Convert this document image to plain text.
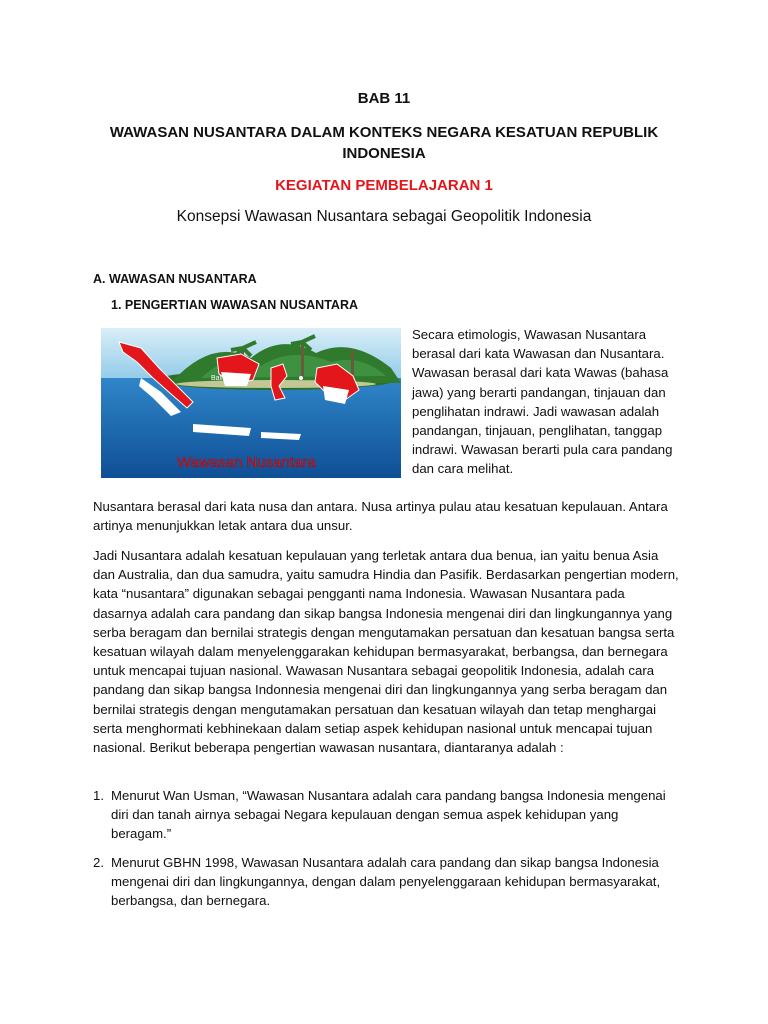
BAB 11
WAWASAN NUSANTARA DALAM KONTEKS NEGARA KESATUAN REPUBLIK INDONESIA
KEGIATAN PEMBELAJARAN 1
Konsepsi Wawasan Nusantara sebagai Geopolitik Indonesia
A. WAWASAN NUSANTARA
1. PENGERTIAN WAWASAN NUSANTARA
Balikpapan
Wawasan Nusantara
Secara etimologis, Wawasan Nusantara berasal dari kata Wawasan dan Nusantara. Wawasan berasal dari kata Wawas (bahasa jawa) yang berarti pandangan, tinjauan dan penglihatan indrawi. Jadi wawasan adalah pandangan, tinjauan, penglihatan, tanggap indrawi. Wawasan berarti pula cara pandang dan cara melihat.

Nusantara berasal dari kata nusa dan antara. Nusa artinya pulau atau kesatuan kepulauan. Antara artinya menunjukkan letak antara dua unsur.

Jadi Nusantara adalah kesatuan kepulauan yang terletak antara dua benua, ian yaitu benua Asia dan Australia, dan dua samudra, yaitu samudra Hindia dan Pasifik. Berdasarkan pengertian modern, kata “nusantara” digunakan sebagai pengganti nama Indonesia. Wawasan Nusantara pada dasarnya adalah cara pandang dan sikap bangsa Indonesia mengenai diri dan lingkungannya yang serba beragam dan bernilai strategis dengan mengutamakan persatuan dan kesatuan bangsa serta kesatuan wilayah dalam menyelenggarakan kehidupan bermasyarakat, berbangsa, dan bernegara untuk mencapai tujuan nasional. Wawasan Nusantara sebagai geopolitik Indonesia, adalah cara pandang dan sikap bangsa Indonnesia mengenai diri dan lingkungannya yang serba beragam dan bernilai strategis dengan mengutamakan persatuan dan kesatuan wilayah dan tetap menghargai serta menghormati kebhinekaan dalam setiap aspek kehidupan nasional untuk mencapai tujuan nasional. Berikut beberapa pengertian wawasan nusantara, diantaranya adalah :

1. Menurut Wan Usman, “Wawasan Nusantara adalah cara pandang bangsa Indonesia mengenai diri dan tanah airnya sebagai Negara kepulauan dengan semua aspek kehidupan yang beragam.”
2. Menurut GBHN 1998, Wawasan Nusantara adalah cara pandang dan sikap bangsa Indonesia mengenai diri dan lingkungannya, dengan dalam penyelenggaraan kehidupan bermasyarakat, berbangsa, dan bernegara.
